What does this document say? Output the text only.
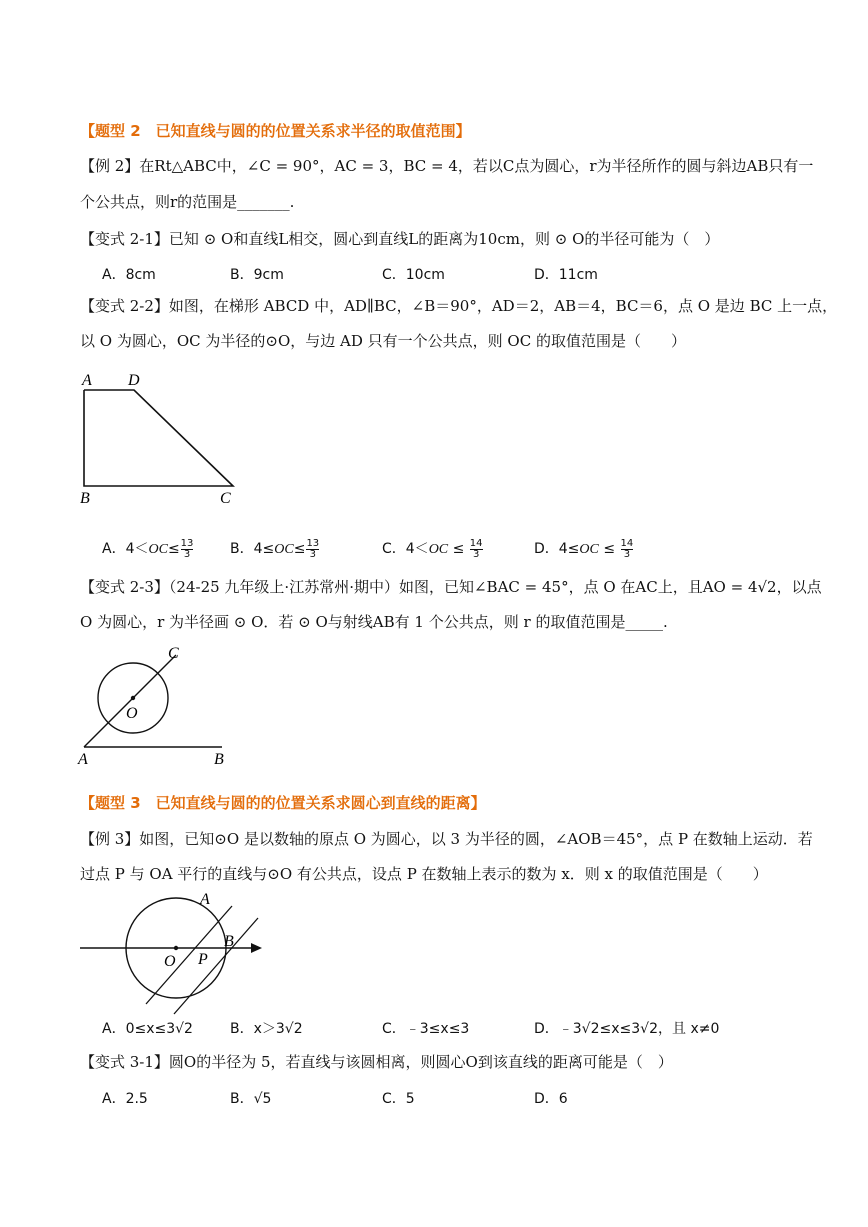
【题型 2　已知直线与圆的的位置关系求半径的取值范围】
【例 2】在Rt△ABC中，∠C = 90°，AC = 3，BC = 4，若以C点为圆心，r为半径所作的圆与斜边AB只有一
个公共点，则r的范围是_______.
【变式 2-1】已知 ⊙ O和直线L相交，圆心到直线L的距离为10cm，则 ⊙ O的半径可能为（　）
A．8cm	B．9cm	C．10cm	D．11cm
【变式 2-2】如图，在梯形 ABCD 中，AD∥BC，∠B＝90°，AD＝2，AB＝4，BC＝6，点 O 是边 BC 上一点，
以 O 为圆心，OC 为半径的⊙O，与边 AD 只有一个公共点，则 OC 的取值范围是（　　）
A D
B	C
A．$4<OC\le \frac{13}{3}$	B．$4\le OC\le \frac{13}{3}$	C．$4<OC \le \frac{14}{3}$	D．$4\le OC \le \frac{14}{3}$
【变式 2-3】（24-25 九年级上·江苏常州·期中）如图，已知∠BAC = 45°，点 O 在AC上，且AO = 4√2，以点
O 为圆心，r 为半径画 ⊙ O．若 ⊙ O与射线AB有 1 个公共点，则 r 的取值范围是_____.
C
O
A	B
【题型 3　已知直线与圆的的位置关系求圆心到直线的距离】
【例 3】如图，已知⊙O 是以数轴的原点 O 为圆心，以 3 为半径的圆，∠AOB＝45°，点 P 在数轴上运动．若
过点 P 与 OA 平行的直线与⊙O 有公共点，设点 P 在数轴上表示的数为 x．则 x 的取值范围是（　　）
A
B
O P
A．0≤x≤3√2	B．x＞3√2	C．﹣3≤x≤3	D．﹣3√2≤x≤3√2，且 x≠0
【变式 3-1】圆O的半径为 5，若直线与该圆相离，则圆心O到该直线的距离可能是（　）
A．2.5	B．√5	C．5	D．6
